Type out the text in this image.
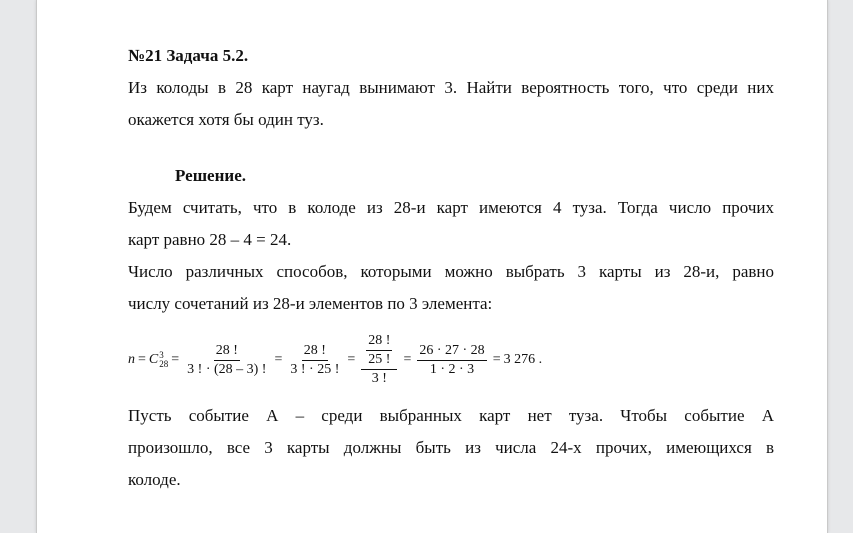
№21 Задача 5.2.
Из колоды в 28 карт наугад вынимают 3. Найти вероятность того, что среди них
окажется хотя бы один туз.
Решение.
Будем считать, что в колоде из 28-и карт имеются 4 туза. Тогда число прочих
карт равно 28 – 4 = 24.
Число различных способов, которыми можно выбрать 3 карты из 28-и, равно
числу сочетаний из 28-и элементов по 3 элемента:
n = C 3
$28 = \frac{28 !}{3 ! \cdot (28 - 3) !} = \frac{28 !}{3 ! \cdot 25 !} = \frac{\frac{28 !}{25 !}}{3 !} = \frac{26 \cdot 27 \cdot 28}{1 \cdot 2 \cdot 3} = 3$ 276 .
Пусть событие А – среди выбранных карт нет туза. Чтобы событие А
произошло, все 3 карты должны быть из числа 24-х прочих, имеющихся в
колоде.
